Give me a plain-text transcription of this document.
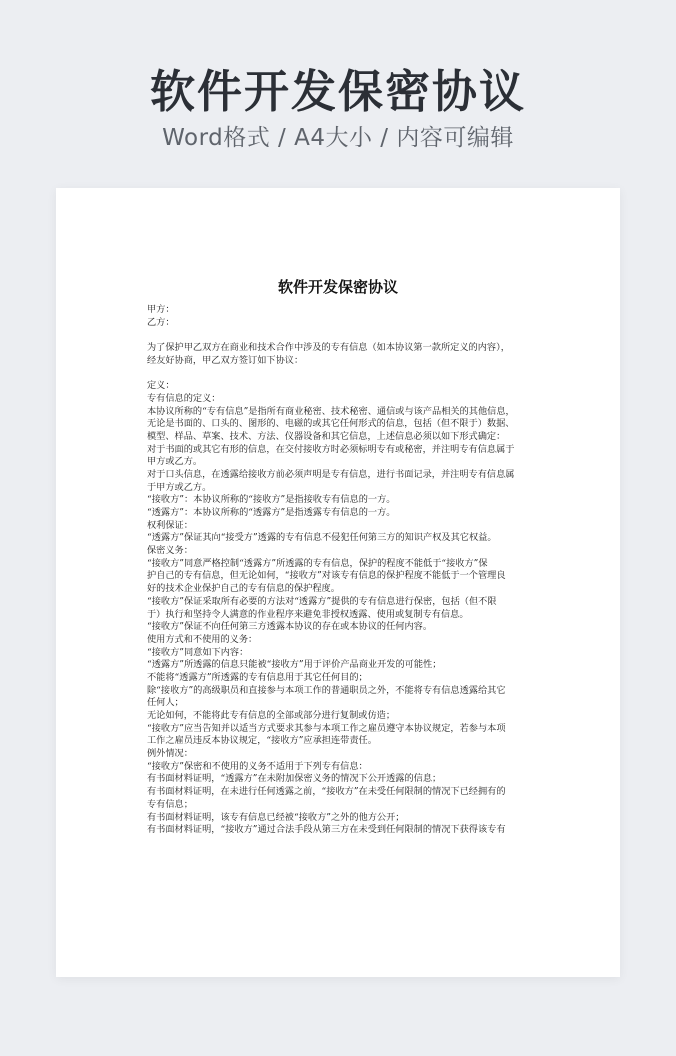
软件开发保密协议
Word格式 / A4大小 / 内容可编辑
软件开发保密协议
甲方：
乙方：
为了保护甲乙双方在商业和技术合作中涉及的专有信息（如本协议第一款所定义的内容），
经友好协商，甲乙双方签订如下协议：
定义：
专有信息的定义：
本协议所称的“专有信息”是指所有商业秘密、技术秘密、通信或与该产品相关的其他信息，
无论是书面的、口头的、图形的、电磁的或其它任何形式的信息，包括（但不限于）数据、
模型、样品、草案、技术、方法、仪器设备和其它信息，上述信息必须以如下形式确定：
对于书面的或其它有形的信息，在交付接收方时必须标明专有或秘密，并注明专有信息属于
甲方或乙方。
对于口头信息，在透露给接收方前必须声明是专有信息，进行书面记录，并注明专有信息属
于甲方或乙方。
“接收方”：本协议所称的“接收方”是指接收专有信息的一方。
“透露方”：本协议所称的“透露方”是指透露专有信息的一方。
权利保证：
“透露方”保证其向“接受方”透露的专有信息不侵犯任何第三方的知识产权及其它权益。
保密义务：
“接收方”同意严格控制“透露方”所透露的专有信息，保护的程度不能低于“接收方”保
护自己的专有信息，但无论如何，“接收方”对该专有信息的保护程度不能低于一个管理良
好的技术企业保护自己的专有信息的保护程度。
“接收方”保证采取所有必要的方法对“透露方”提供的专有信息进行保密，包括（但不限
于）执行和坚持令人满意的作业程序来避免非授权透露、使用或复制专有信息。
“接收方”保证不向任何第三方透露本协议的存在或本协议的任何内容。
使用方式和不使用的义务：
“接收方”同意如下内容：
“透露方”所透露的信息只能被“接收方”用于评价产品商业开发的可能性；
不能将“透露方”所透露的专有信息用于其它任何目的；
除“接收方”的高级职员和直接参与本项工作的普通职员之外，不能将专有信息透露给其它
任何人；
无论如何，不能将此专有信息的全部或部分进行复制或仿造；
“接收方”应当告知并以适当方式要求其参与本项工作之雇员遵守本协议规定，若参与本项
工作之雇员违反本协议规定，“接收方”应承担连带责任。
例外情况：
“接收方”保密和不使用的义务不适用于下列专有信息：
有书面材料证明，“透露方”在未附加保密义务的情况下公开透露的信息；
有书面材料证明，在未进行任何透露之前，“接收方”在未受任何限制的情况下已经拥有的
专有信息；
有书面材料证明，该专有信息已经被“接收方”之外的他方公开；
有书面材料证明，“接收方”通过合法手段从第三方在未受到任何限制的情况下获得该专有
